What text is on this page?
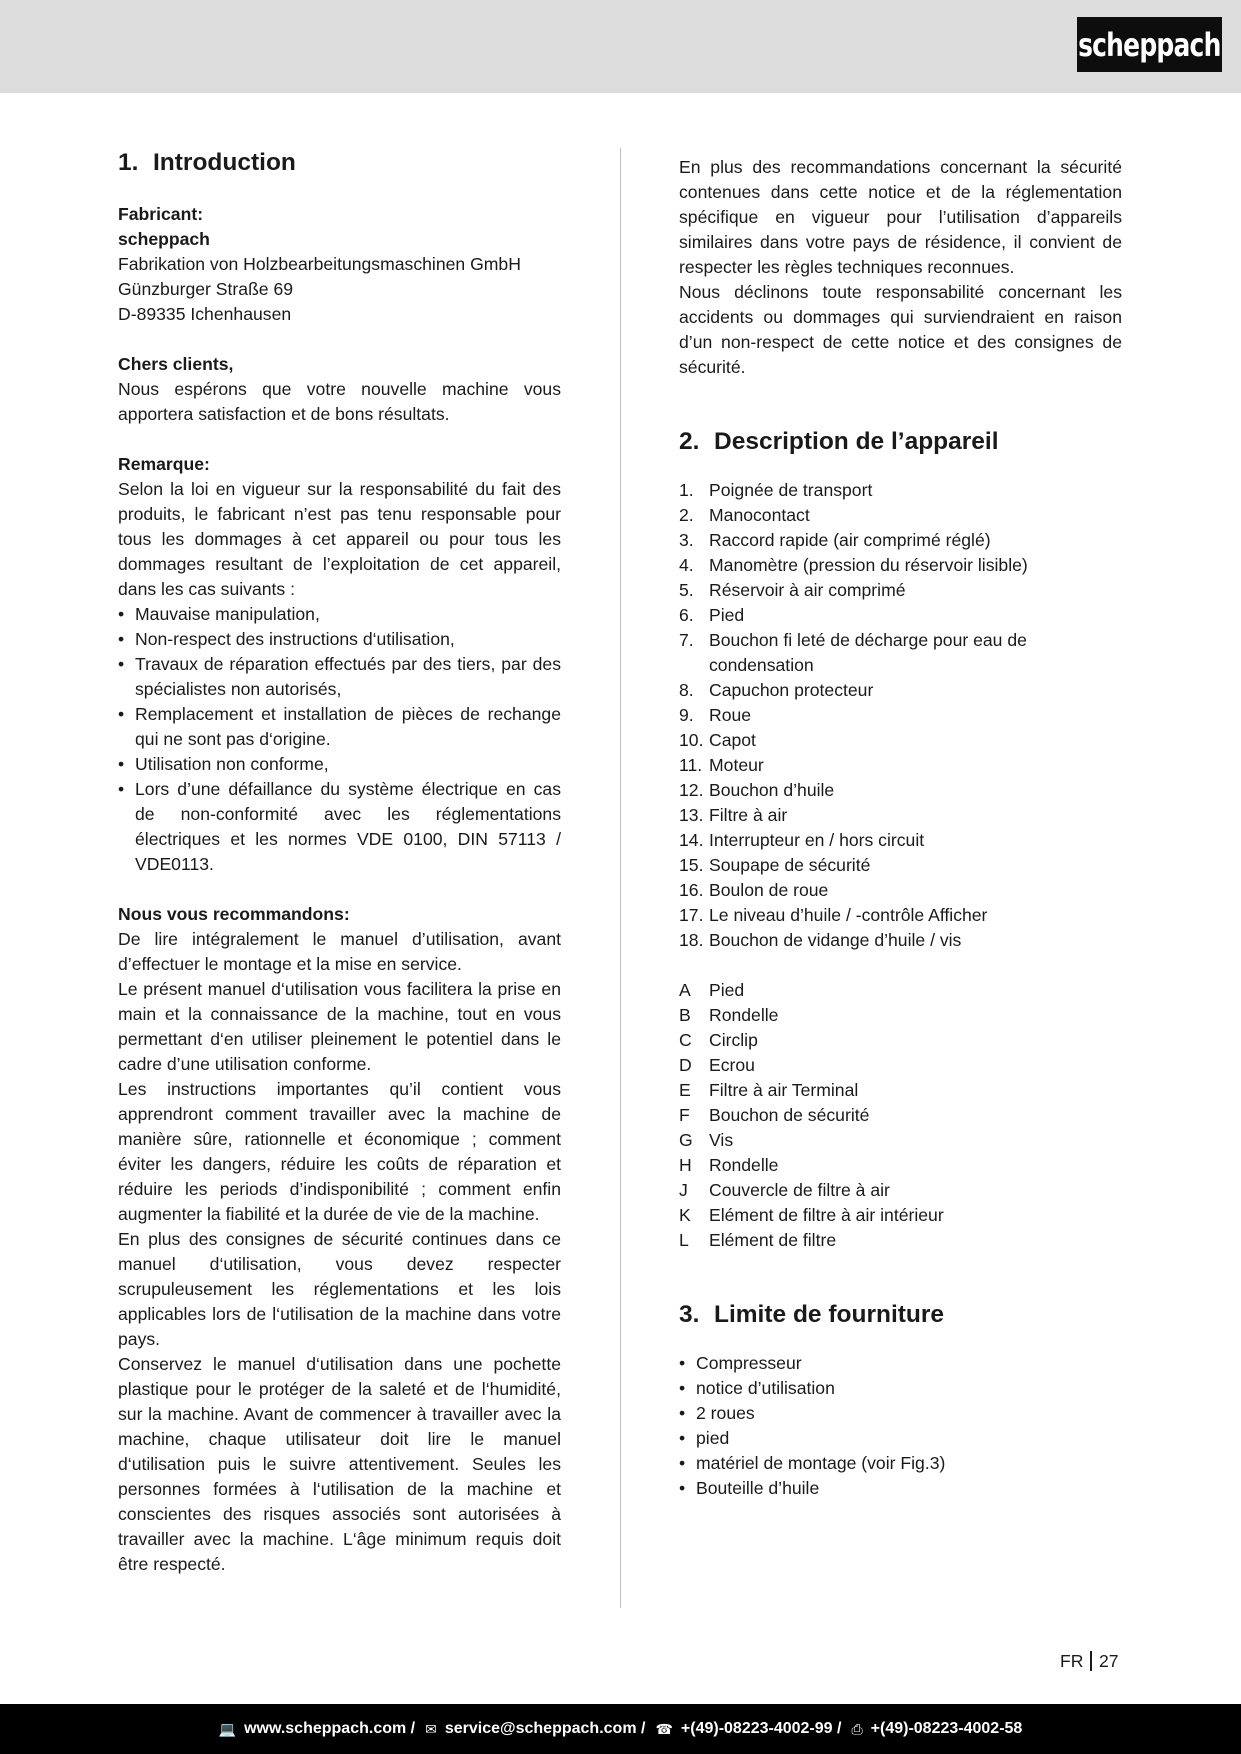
scheppach
1. Introduction

Fabricant:

scheppach

Fabrikation von Holzbearbeitungsmaschinen GmbH

Günzburger Straße 69

D-89335 Ichenhausen

Chers clients,

Nous espérons que votre nouvelle machine vous apportera satisfaction et de bons résultats.

Remarque:

Selon la loi en vigueur sur la responsabilité du fait des produits, le fabricant n’est pas tenu responsable pour tous les dommages à cet appareil ou pour tous les dommages resultant de l’exploitation de cet appareil, dans les cas suivants :

• Mauvaise manipulation,
• Non-respect des instructions d‘utilisation,
• Travaux de réparation effectués par des tiers, par des spécialistes non autorisés,
• Remplacement et installation de pièces de rechange qui ne sont pas d‘origine.
• Utilisation non conforme,
• Lors d’une défaillance du système électrique en cas de non-conformité avec les réglementations électriques et les normes VDE 0100, DIN 57113 / VDE0113.

Nous vous recommandons:

De lire intégralement le manuel d’utilisation, avant d’effectuer le montage et la mise en service.

Le présent manuel d‘utilisation vous facilitera la prise en main et la connaissance de la machine, tout en vous permettant d‘en utiliser pleinement le potentiel dans le cadre d’une utilisation conforme.

Les instructions importantes qu’il contient vous apprendront comment travailler avec la machine de manière sûre, rationnelle et économique ; comment éviter les dangers, réduire les coûts de réparation et réduire les periods d’indisponibilité ; comment enfin augmenter la fiabilité et la durée de vie de la machine.

En plus des consignes de sécurité continues dans ce manuel d‘utilisation, vous devez respecter scrupuleusement les réglementations et les lois applicables lors de l‘utilisation de la machine dans votre pays.

Conservez le manuel d‘utilisation dans une pochette plastique pour le protéger de la saleté et de l‘humidité, sur la machine. Avant de commencer à travailler avec la machine, chaque utilisateur doit lire le manuel d‘utilisation puis le suivre attentivement. Seules les personnes formées à l‘utilisation de la machine et conscientes des risques associés sont autorisées à travailler avec la machine. L‘âge minimum requis doit être respecté.

En plus des recommandations concernant la sécurité contenues dans cette notice et de la réglementation spécifique en vigueur pour l’utilisation d’appareils similaires dans votre pays de résidence, il convient de respecter les règles techniques reconnues.

Nous déclinons toute responsabilité concernant les accidents ou dommages qui surviendraient en raison d’un non-respect de cette notice et des consignes de sécurité.

2. Description de l’appareil
1. Poignée de transport
2. Manocontact
3. Raccord rapide (air comprimé réglé)
4. Manomètre (pression du réservoir lisible)
5. Réservoir à air comprimé
6. Pied
7. Bouchon fi leté de décharge pour eau de condensation
8. Capuchon protecteur
9. Roue
10. Capot
11. Moteur
12. Bouchon d’huile
13. Filtre à air
14. Interrupteur en / hors circuit
15. Soupape de sécurité
16. Boulon de roue
17. Le niveau d’huile / -contrôle Afficher
18. Bouchon de vidange d’huile / vis
A	Pied
B	Rondelle
C Circlip
D Ecrou
E	Filtre à air Terminal
F	Bouchon de sécurité
G Vis
H Rondelle
J	Couvercle de filtre à air
K	Elément de filtre à air intérieur
L	Elément de filtre
3. Limite de fourniture
• Compresseur
• notice d’utilisation
• 2 roues
• pied
• matériel de montage (voir Fig.3)
• Bouteille d’huile
FR 27
💻 www.scheppach.com / ✉ service@scheppach.com / ☎ +(49)-08223-4002-99 / ⎙ +(49)-08223-4002-58
